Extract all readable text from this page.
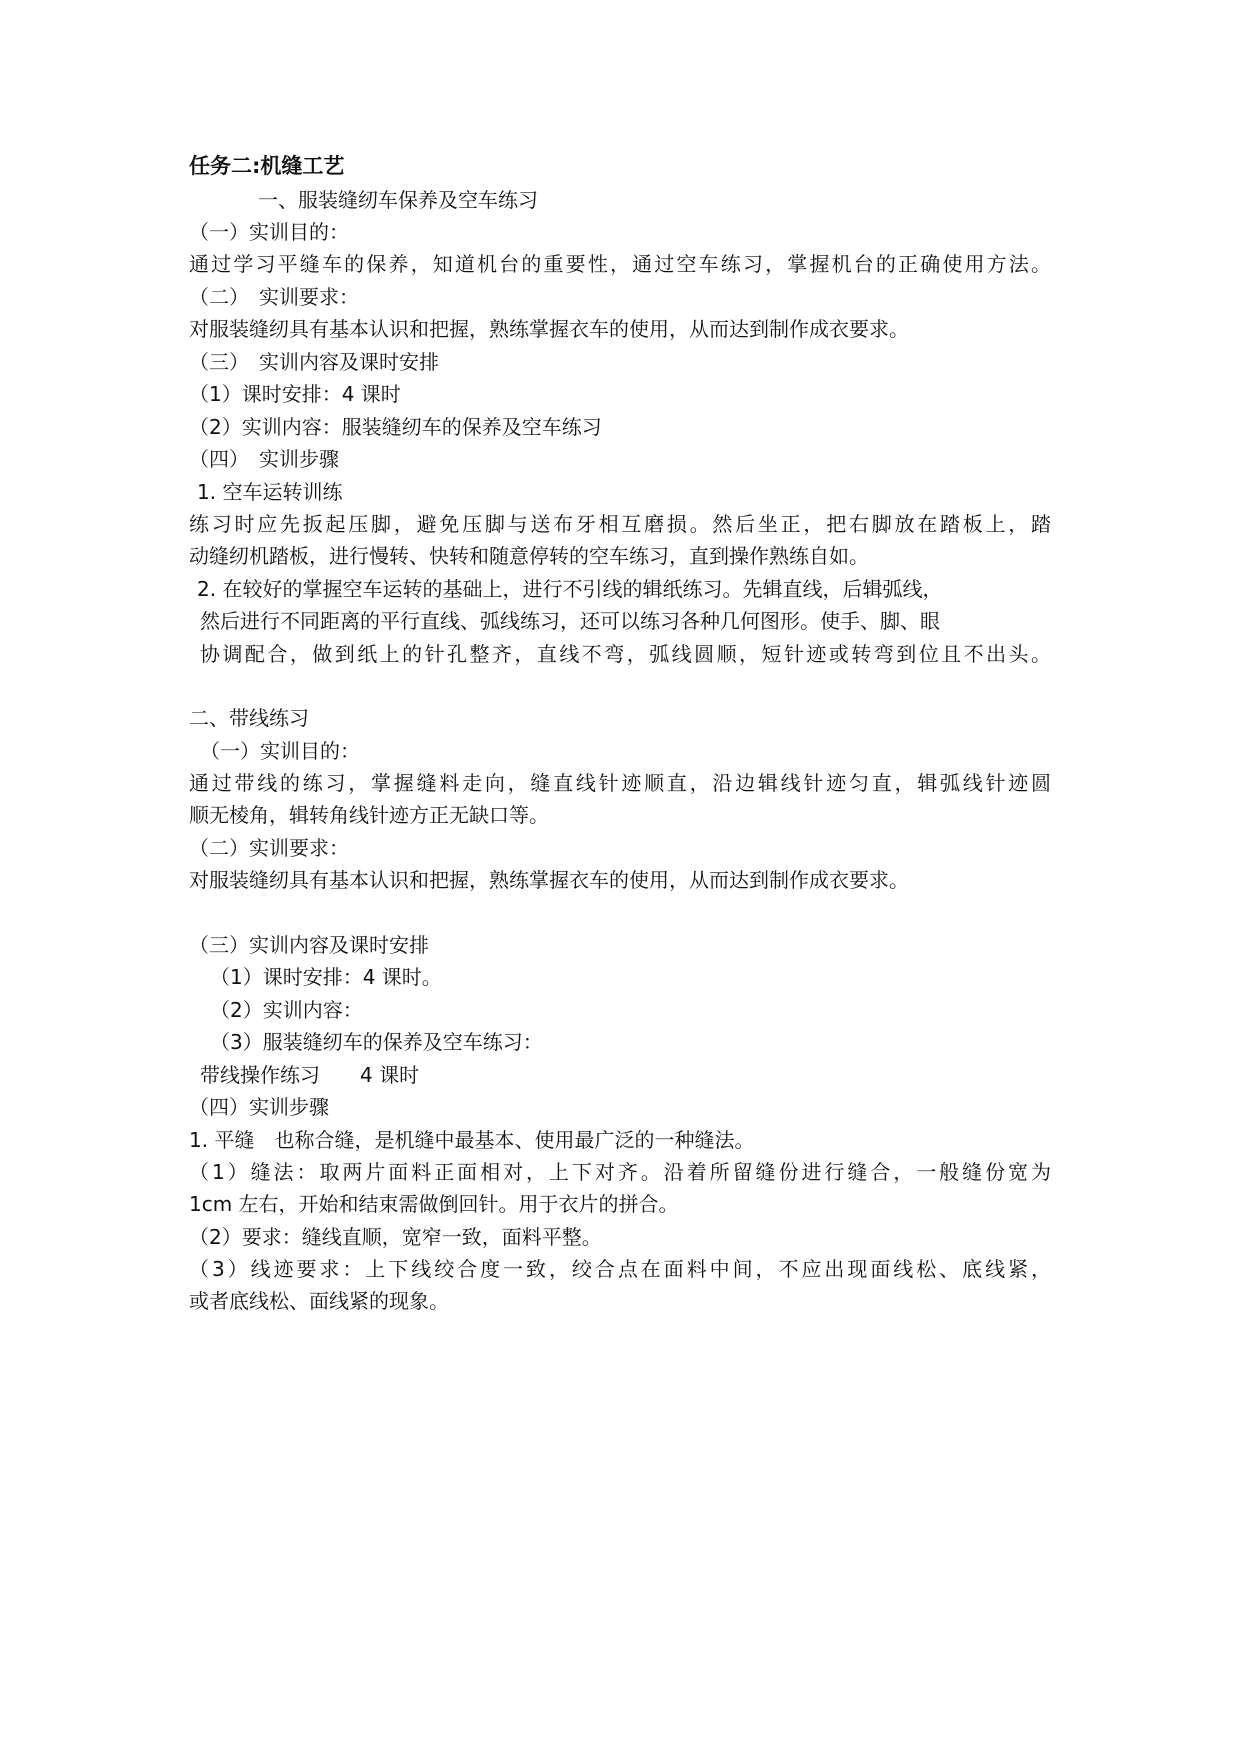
任务二:机缝工艺
一、服装缝纫车保养及空车练习
（一）实训目的：
通过学习平缝车的保养，知道机台的重要性，通过空车练习，掌握机台的正确使用方法。
（二）　实训要求：
对服装缝纫具有基本认识和把握，熟练掌握衣车的使用，从而达到制作成衣要求。
（三）　实训内容及课时安排
（1）课时安排：4 课时
（2）实训内容：服装缝纫车的保养及空车练习
（四）　实训步骤
1. 空车运转训练
练习时应先扳起压脚，避免压脚与送布牙相互磨损。然后坐正，把右脚放在踏板上，踏
动缝纫机踏板，进行慢转、快转和随意停转的空车练习，直到操作熟练自如。
2. 在较好的掌握空车运转的基础上，进行不引线的辑纸练习。先辑直线，后辑弧线，
然后进行不同距离的平行直线、弧线练习，还可以练习各种几何图形。使手、脚、眼
协调配合，做到纸上的针孔整齐，直线不弯，弧线圆顺，短针迹或转弯到位且不出头。
二、带线练习
（一）实训目的：
通过带线的练习，掌握缝料走向，缝直线针迹顺直，沿边辑线针迹匀直，辑弧线针迹圆
顺无棱角，辑转角线针迹方正无缺口等。
（二）实训要求：
对服装缝纫具有基本认识和把握，熟练掌握衣车的使用，从而达到制作成衣要求。
（三）实训内容及课时安排
（1）课时安排：4 课时。
（2）实训内容：
（3）服装缝纫车的保养及空车练习：
带线操作练习　　4 课时
（四）实训步骤
1. 平缝　也称合缝，是机缝中最基本、使用最广泛的一种缝法。
（1）缝法：取两片面料正面相对，上下对齐。沿着所留缝份进行缝合，一般缝份宽为
1cm 左右，开始和结束需做倒回针。用于衣片的拼合。
（2）要求：缝线直顺，宽窄一致，面料平整。
（3）线迹要求：上下线绞合度一致，绞合点在面料中间，不应出现面线松、底线紧，
或者底线松、面线紧的现象。
